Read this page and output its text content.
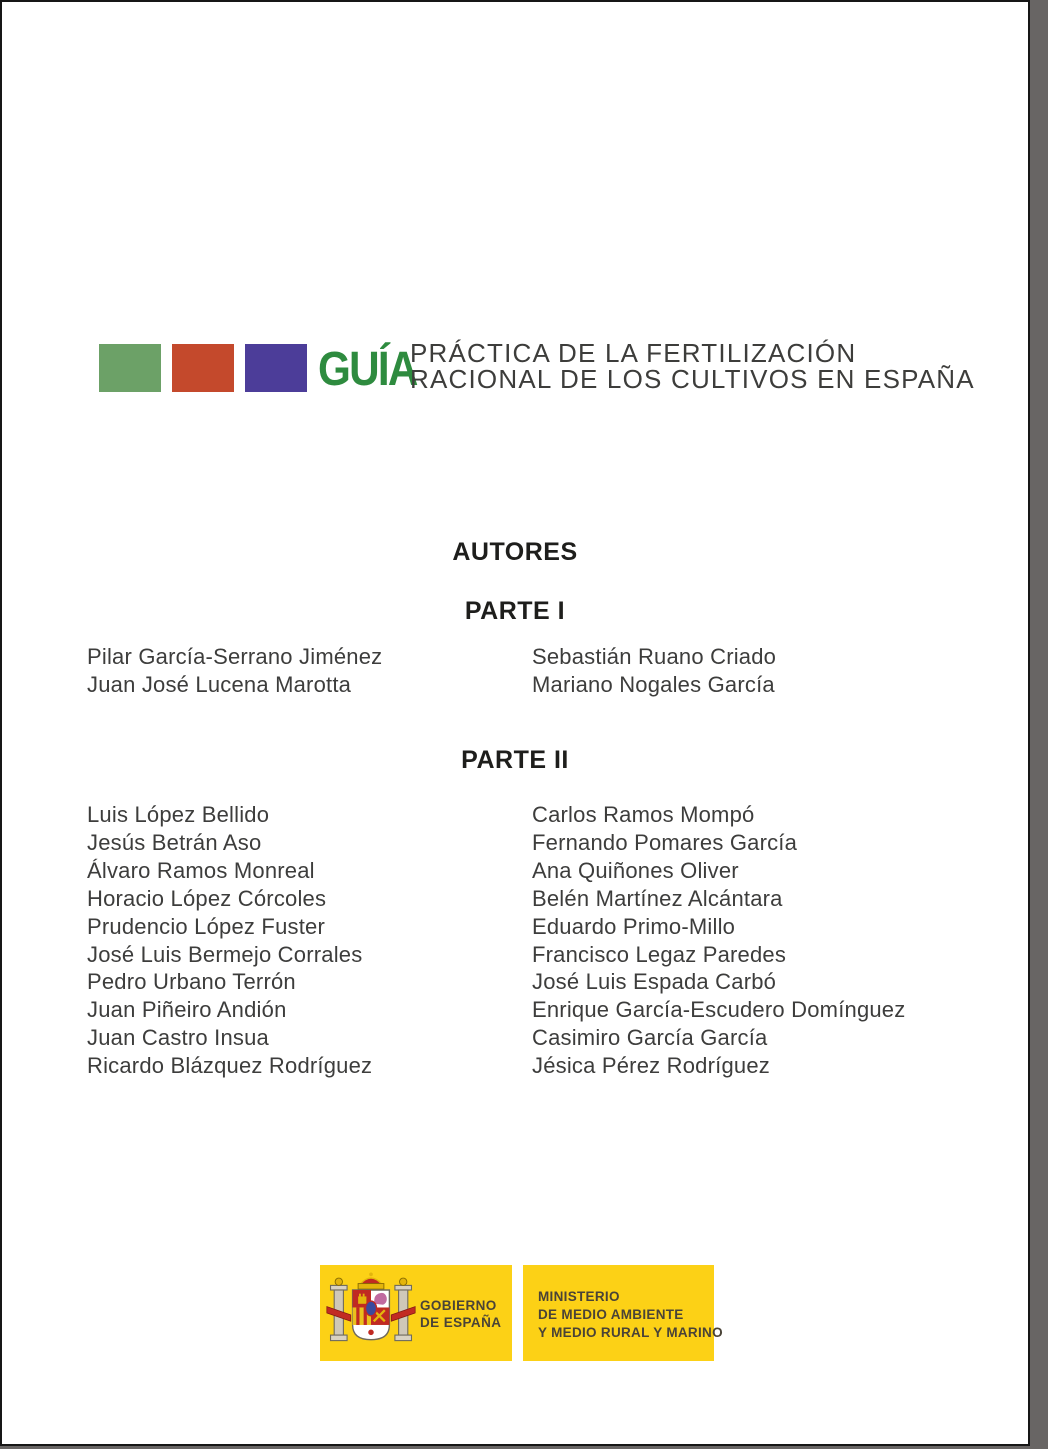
GUÍA
PRÁCTICA DE LA FERTILIZACIÓN
RACIONAL DE LOS CULTIVOS EN ESPAÑA
AUTORES
PARTE I
Pilar García-Serrano Jiménez
Juan José Lucena Marotta
Sebastián Ruano Criado
Mariano Nogales García
PARTE II
Luis López Bellido
Jesús Betrán Aso
Álvaro Ramos Monreal
Horacio López Córcoles
Prudencio López Fuster
José Luis Bermejo Corrales
Pedro Urbano Terrón
Juan Piñeiro Andión
Juan Castro Insua
Ricardo Blázquez Rodríguez
Carlos Ramos Mompó
Fernando Pomares García
Ana Quiñones Oliver
Belén Martínez Alcántara
Eduardo Primo-Millo
Francisco Legaz Paredes
José Luis Espada Carbó
Enrique García-Escudero Domínguez
Casimiro García García
Jésica Pérez Rodríguez
GOBIERNO
DE ESPAÑA
MINISTERIO
DE MEDIO AMBIENTE
Y MEDIO RURAL Y MARINO
